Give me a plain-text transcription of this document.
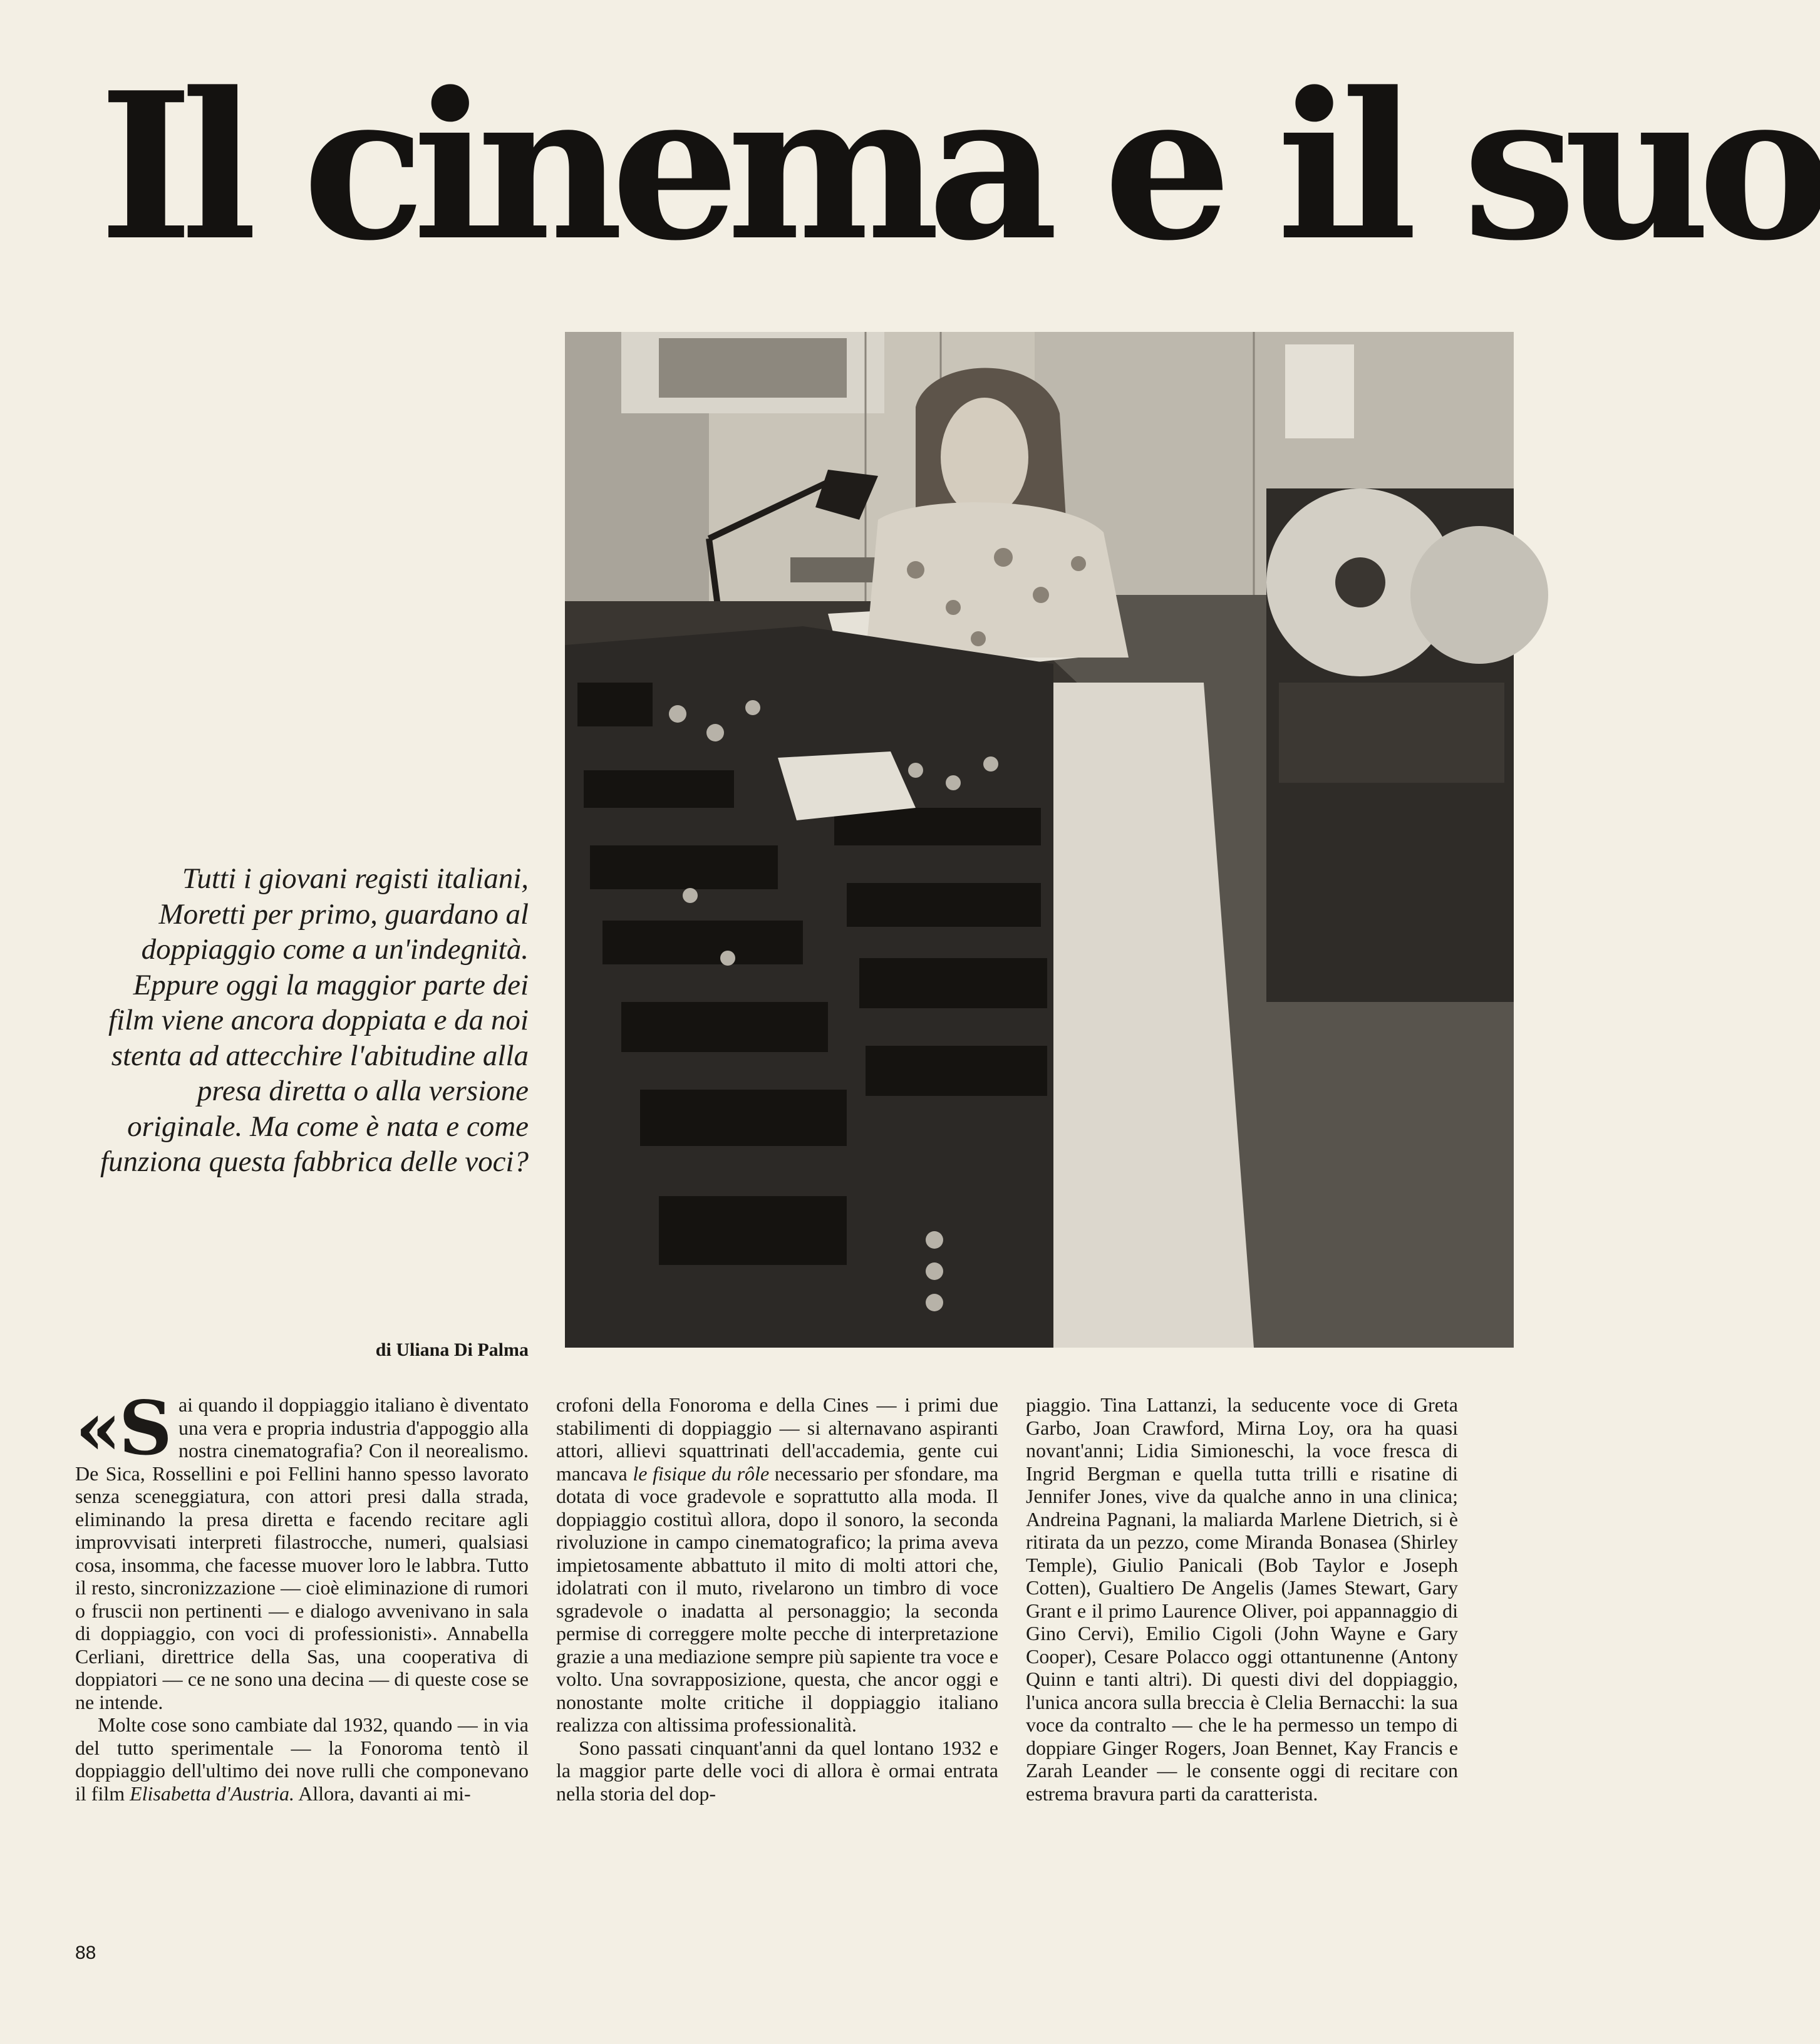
Il cinema e il suo

Tutti i giovani registi italiani, Moretti per primo, guardano al doppiaggio come a un'indegnità. Eppure oggi la maggior parte dei film viene ancora doppiata e da noi stenta ad attecchire l'abitudine alla presa diretta o alla versione originale. Ma come è nata e come funziona questa fabbrica delle voci?

di Uliana Di Palma

«Sai quando il doppiaggio italiano è diventato una vera e propria industria d'appoggio alla nostra cinematografia? Con il neorealismo. De Sica, Rossellini e poi Fellini hanno spesso lavorato senza sceneggiatura, con attori presi dalla strada, eliminando la presa diretta e facendo recitare agli improvvisati interpreti filastrocche, numeri, qualsiasi cosa, insomma, che facesse muover loro le labbra. Tutto il resto, sincronizzazione — cioè eliminazione di rumori o fruscii non pertinenti — e dialogo avvenivano in sala di doppiaggio, con voci di professionisti». Annabella Cerliani, direttrice della Sas, una cooperativa di doppiatori — ce ne sono una decina — di queste cose se ne intende.

Molte cose sono cambiate dal 1932, quando — in via del tutto sperimentale — la Fonoroma tentò il doppiaggio dell'ultimo dei nove rulli che componevano il film Elisabetta d'Austria. Allora, davanti ai mi-

crofoni della Fonoroma e della Cines — i primi due stabilimenti di doppiaggio — si alternavano aspiranti attori, allievi squattrinati dell'accademia, gente cui mancava le fisique du rôle necessario per sfondare, ma dotata di voce gradevole e soprattutto alla moda. Il doppiaggio costituì allora, dopo il sonoro, la seconda rivoluzione in campo cinematografico; la prima aveva impietosamente abbattuto il mito di molti attori che, idolatrati con il muto, rivelarono un timbro di voce sgradevole o inadatta al personaggio; la seconda permise di correggere molte pecche di interpretazione grazie a una mediazione sempre più sapiente tra voce e volto. Una sovrapposizione, questa, che ancor oggi e nonostante molte critiche il doppiaggio italiano realizza con altissima professionalità.

Sono passati cinquant'anni da quel lontano 1932 e la maggior parte delle voci di allora è ormai entrata nella storia del dop-

piaggio. Tina Lattanzi, la seducente voce di Greta Garbo, Joan Crawford, Mirna Loy, ora ha quasi novant'anni; Lidia Simioneschi, la voce fresca di Ingrid Bergman e quella tutta trilli e risatine di Jennifer Jones, vive da qualche anno in una clinica; Andreina Pagnani, la maliarda Marlene Dietrich, si è ritirata da un pezzo, come Miranda Bonasea (Shirley Temple), Giulio Panicali (Bob Taylor e Joseph Cotten), Gualtiero De Angelis (James Stewart, Gary Grant e il primo Laurence Oliver, poi appannaggio di Gino Cervi), Emilio Cigoli (John Wayne e Gary Cooper), Cesare Polacco oggi ottantunenne (Antony Quinn e tanti altri). Di questi divi del doppiaggio, l'unica ancora sulla breccia è Clelia Bernacchi: la sua voce da contralto — che le ha permesso un tempo di doppiare Ginger Rogers, Joan Bennet, Kay Francis e Zarah Leander — le consente oggi di recitare con estrema bravura parti da caratterista.

88
